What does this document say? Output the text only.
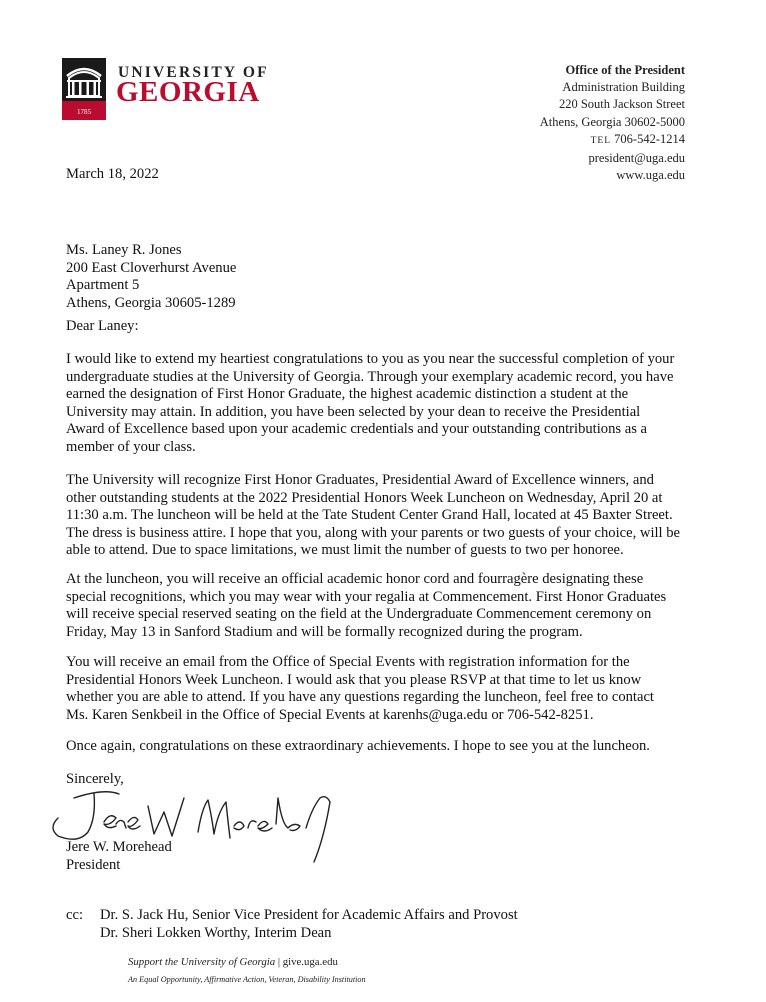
1785
UNIVERSITY OF
GEORGIA
Office of the President
Administration Building
220 South Jackson Street
Athens, Georgia 30602-5000
TEL 706-542-1214
president@uga.edu
www.uga.edu
March 18, 2022
Ms. Laney R. Jones
200 East Cloverhurst Avenue
Apartment 5
Athens, Georgia 30605-1289
Dear Laney:
I would like to extend my heartiest congratulations to you as you near the successful completion of your
undergraduate studies at the University of Georgia. Through your exemplary academic record, you have
earned the designation of First Honor Graduate, the highest academic distinction a student at the
University may attain. In addition, you have been selected by your dean to receive the Presidential
Award of Excellence based upon your academic credentials and your outstanding contributions as a
member of your class.
The University will recognize First Honor Graduates, Presidential Award of Excellence winners, and
other outstanding students at the 2022 Presidential Honors Week Luncheon on Wednesday, April 20 at
11:30 a.m. The luncheon will be held at the Tate Student Center Grand Hall, located at 45 Baxter Street.
The dress is business attire. I hope that you, along with your parents or two guests of your choice, will be
able to attend. Due to space limitations, we must limit the number of guests to two per honoree.
At the luncheon, you will receive an official academic honor cord and fourragère designating these
special recognitions, which you may wear with your regalia at Commencement. First Honor Graduates
will receive special reserved seating on the field at the Undergraduate Commencement ceremony on
Friday, May 13 in Sanford Stadium and will be formally recognized during the program.
You will receive an email from the Office of Special Events with registration information for the
Presidential Honors Week Luncheon. I would ask that you please RSVP at that time to let us know
whether you are able to attend. If you have any questions regarding the luncheon, feel free to contact
Ms. Karen Senkbeil in the Office of Special Events at karenhs@uga.edu or 706-542-8251.
Once again, congratulations on these extraordinary achievements. I hope to see you at the luncheon.
Sincerely,
Jere W. Morehead
President
cc: Dr. S. Jack Hu, Senior Vice President for Academic Affairs and Provost
Dr. Sheri Lokken Worthy, Interim Dean
Support the University of Georgia | give.uga.edu
An Equal Opportunity, Affirmative Action, Veteran, Disability Institution
